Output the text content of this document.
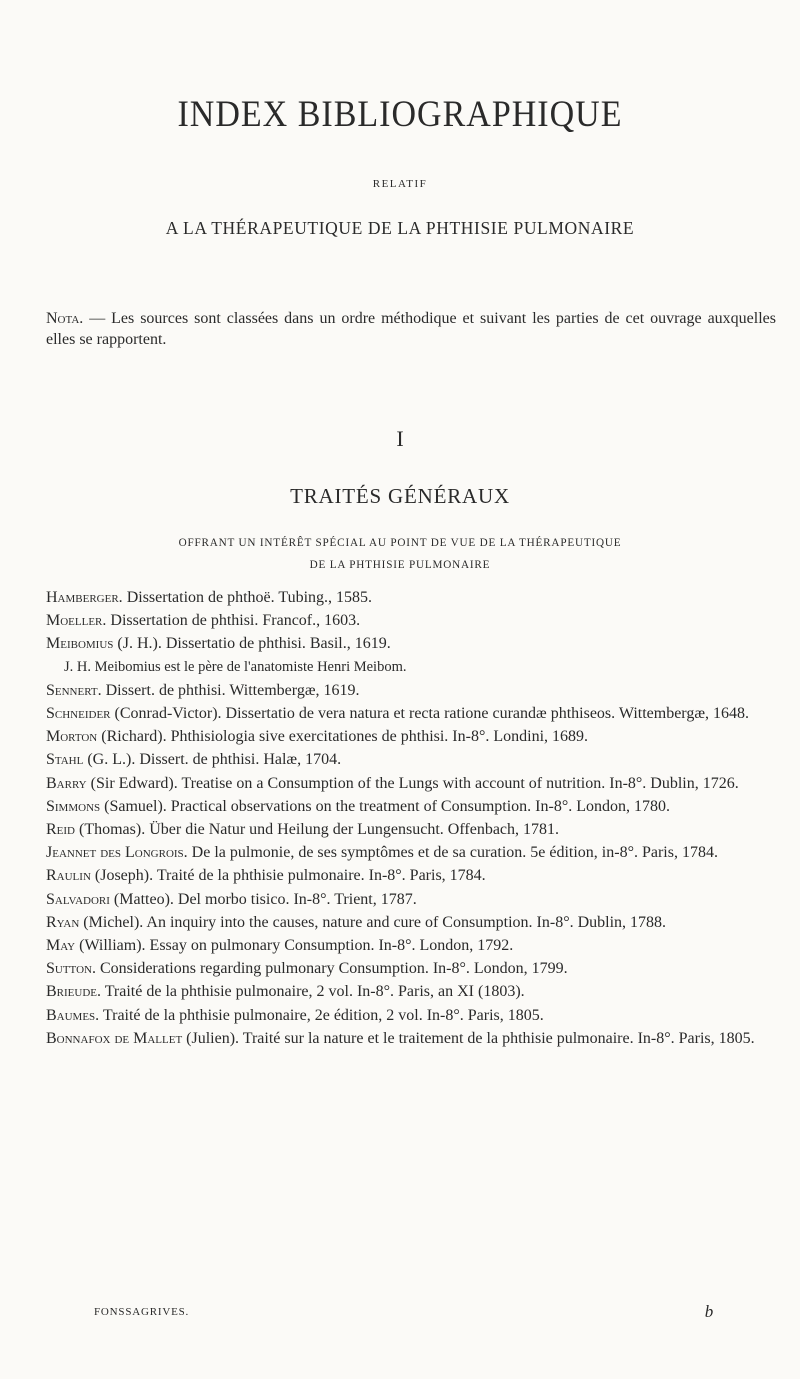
INDEX BIBLIOGRAPHIQUE
RELATIF
A LA THÉRAPEUTIQUE DE LA PHTHISIE PULMONAIRE
Nota. — Les sources sont classées dans un ordre méthodique et suivant les parties de cet ouvrage auxquelles elles se rapportent.
I
TRAITÉS GÉNÉRAUX
OFFRANT UN INTÉRÊT SPÉCIAL AU POINT DE VUE DE LA THÉRAPEUTIQUE
DE LA PHTHISIE PULMONAIRE
Hamberger. Dissertation de phthoë. Tubing., 1585.
Moeller. Dissertation de phthisi. Francof., 1603.
Meibomius (J. H.). Dissertatio de phthisi. Basil., 1619.
J. H. Meibomius est le père de l'anatomiste Henri Meibom.
Sennert. Dissert. de phthisi. Wittembergæ, 1619.
Schneider (Conrad-Victor). Dissertatio de vera natura et recta ratione curandæ phthiseos. Wittembergæ, 1648.
Morton (Richard). Phthisiologia sive exercitationes de phthisi. In-8°. Londini, 1689.
Stahl (G. L.). Dissert. de phthisi. Halæ, 1704.
Barry (Sir Edward). Treatise on a Consumption of the Lungs with account of nutrition. In-8°. Dublin, 1726.
Simmons (Samuel). Practical observations on the treatment of Consumption. In-8°. London, 1780.
Reid (Thomas). Über die Natur und Heilung der Lungensucht. Offenbach, 1781.
Jeannet des Longrois. De la pulmonie, de ses symptômes et de sa curation. 5e édition, in-8°. Paris, 1784.
Raulin (Joseph). Traité de la phthisie pulmonaire. In-8°. Paris, 1784.
Salvadori (Matteo). Del morbo tisico. In-8°. Trient, 1787.
Ryan (Michel). An inquiry into the causes, nature and cure of Consumption. In-8°. Dublin, 1788.
May (William). Essay on pulmonary Consumption. In-8°. London, 1792.
Sutton. Considerations regarding pulmonary Consumption. In-8°. London, 1799.
Brieude. Traité de la phthisie pulmonaire, 2 vol. In-8°. Paris, an XI (1803).
Baumes. Traité de la phthisie pulmonaire, 2e édition, 2 vol. In-8°. Paris, 1805.
Bonnafox de Mallet (Julien). Traité sur la nature et le traitement de la phthisie pulmonaire. In-8°. Paris, 1805.
FONSSAGRIVES.	b
